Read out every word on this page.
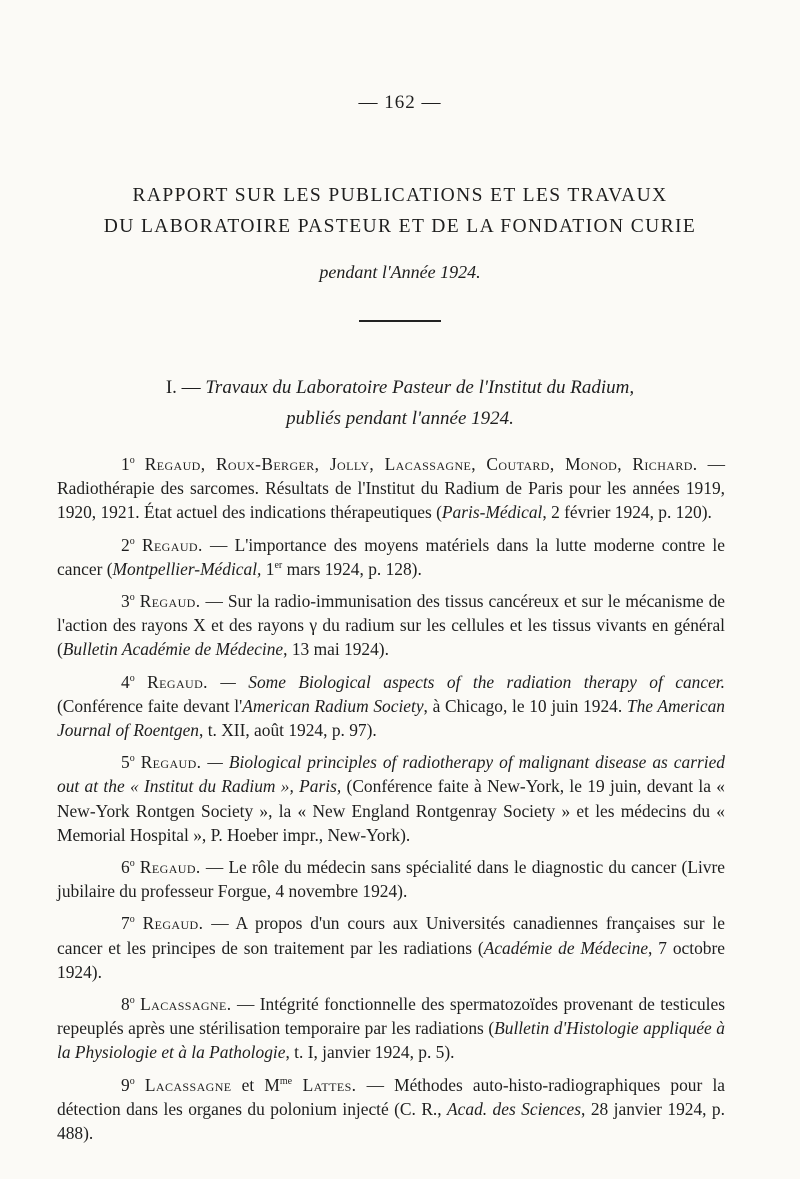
— 162 —
RAPPORT SUR LES PUBLICATIONS ET LES TRAVAUX
DU LABORATOIRE PASTEUR ET DE LA FONDATION CURIE
pendant l'Année 1924.
I. — Travaux du Laboratoire Pasteur de l'Institut du Radium,
publiés pendant l'année 1924.

1$^o$ Regaud, Roux-Berger, Jolly, Lacassagne, Coutard, Monod, Richard. — Radiothérapie des sarcomes. Résultats de l'Institut du Radium de Paris pour les années 1919, 1920, 1921. État actuel des indications thérapeutiques (Paris-Médical, 2 février 1924, p. 120).

2$^o$ Regaud. — L'importance des moyens matériels dans la lutte moderne contre le cancer (Montpellier-Médical, 1er mars 1924, p. 128).

3$^o$ Regaud. — Sur la radio-immunisation des tissus cancéreux et sur le mécanisme de l'action des rayons X et des rayons γ du radium sur les cellules et les tissus vivants en général (Bulletin Académie de Médecine, 13 mai 1924).

4$^o$ Regaud. — Some Biological aspects of the radiation therapy of cancer. (Conférence faite devant l'American Radium Society, à Chicago, le 10 juin 1924. The American Journal of Roentgen, t. XII, août 1924, p. 97).

5$^o$ Regaud. — Biological principles of radiotherapy of malignant disease as carried out at the « Institut du Radium », Paris, (Conférence faite à New-York, le 19 juin, devant la « New-York Rontgen Society », la « New England Rontgenray Society » et les médecins du « Memorial Hospital », P. Hoeber impr., New-York).

6$^o$ Regaud. — Le rôle du médecin sans spécialité dans le diagnostic du cancer (Livre jubilaire du professeur Forgue, 4 novembre 1924).

7$^o$ Regaud. — A propos d'un cours aux Universités canadiennes françaises sur le cancer et les principes de son traitement par les radiations (Académie de Médecine, 7 octobre 1924).

8$^o$ Lacassagne. — Intégrité fonctionnelle des spermatozoïdes provenant de testicules repeuplés après une stérilisation temporaire par les radiations (Bulletin d'Histologie appliquée à la Physiologie et à la Pathologie, t. I, janvier 1924, p. 5).

9$^o$ Lacassagne et $M^{me}$ Lattes. — Méthodes auto-histo-radiographiques pour la détection dans les organes du polonium injecté (C. R., Acad. des Sciences, 28 janvier 1924, p. 488).
